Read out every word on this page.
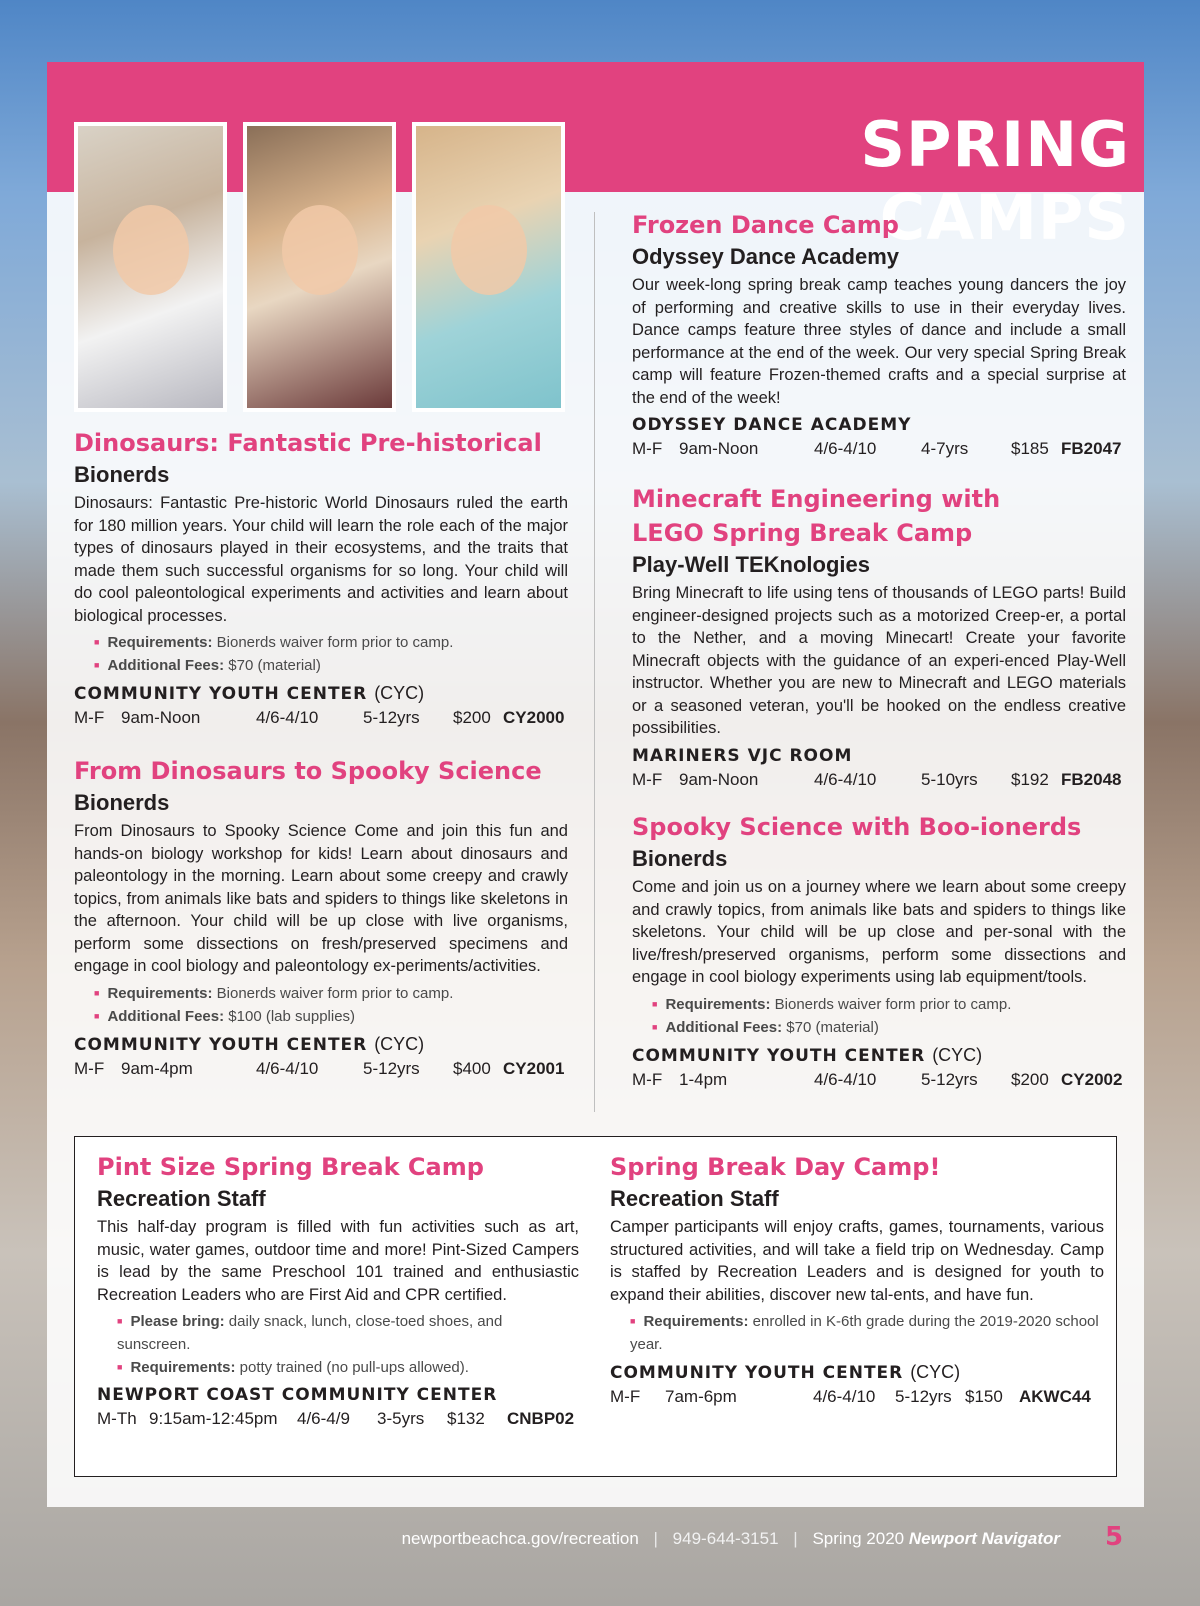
SPRING CAMPS
Dinosaurs: Fantastic Pre-historical
Bionerds
Dinosaurs: Fantastic Pre-historic World Dinosaurs ruled the earth for 180 million years. Your child will learn the role each of the major types of dinosaurs played in their ecosystems, and the traits that made them such successful organisms for so long. Your child will do cool paleontological experiments and activities and learn about biological processes.
■ Requirements: Bionerds waiver form prior to camp.
■ Additional Fees: $70 (material)
COMMUNITY YOUTH CENTER (CYC)
M-F 9am-Noon	4/6-4/10	5-12yrs	$200 CY2000
From Dinosaurs to Spooky Science
Bionerds
From Dinosaurs to Spooky Science Come and join this fun and hands-on biology workshop for kids! Learn about dinosaurs and paleontology in the morning. Learn about some creepy and crawly topics, from animals like bats and spiders to things like skeletons in the afternoon. Your child will be up close with live organisms, perform some dissections on fresh/preserved specimens and engage in cool biology and paleontology ex-periments/activities.
■ Requirements: Bionerds waiver form prior to camp.
■ Additional Fees: $100 (lab supplies)
COMMUNITY YOUTH CENTER (CYC)
M-F 9am-4pm	4/6-4/10	5-12yrs	$400 CY2001
Frozen Dance Camp
Odyssey Dance Academy
Our week-long spring break camp teaches young dancers the joy of performing and creative skills to use in their everyday lives. Dance camps feature three styles of dance and include a small performance at the end of the week. Our very special Spring Break camp will feature Frozen-themed crafts and a special surprise at the end of the week!
ODYSSEY DANCE ACADEMY
M-F 9am-Noon	4/6-4/10	4-7yrs	$185 FB2047
Minecraft Engineering with
LEGO Spring Break Camp
Play-Well TEKnologies
Bring Minecraft to life using tens of thousands of LEGO parts! Build engineer-designed projects such as a motorized Creep-er, a portal to the Nether, and a moving Minecart! Create your favorite Minecraft objects with the guidance of an experi-enced Play-Well instructor. Whether you are new to Minecraft and LEGO materials or a seasoned veteran, you'll be hooked on the endless creative possibilities.
MARINERS VJC ROOM
M-F 9am-Noon	4/6-4/10	5-10yrs	$192 FB2048
Spooky Science with Boo-ionerds
Bionerds
Come and join us on a journey where we learn about some creepy and crawly topics, from animals like bats and spiders to things like skeletons. Your child will be up close and per-sonal with the live/fresh/preserved organisms, perform some dissections and engage in cool biology experiments using lab equipment/tools.
■ Requirements: Bionerds waiver form prior to camp.
■ Additional Fees: $70 (material)
COMMUNITY YOUTH CENTER (CYC)
M-F 1-4pm	4/6-4/10	5-12yrs	$200 CY2002
Pint Size Spring Break Camp
Recreation Staff
This half-day program is filled with fun activities such as art, music, water games, outdoor time and more! Pint-Sized Campers is lead by the same Preschool 101 trained and enthusiastic Recreation Leaders who are First Aid and CPR certified.
■ Please bring: daily snack, lunch, close-toed shoes, and sunscreen.
■ Requirements: potty trained (no pull-ups allowed).
NEWPORT COAST COMMUNITY CENTER
M-Th 9:15am-12:45pm	4/6-4/9	3-5yrs	$132	CNBP02
Spring Break Day Camp!
Recreation Staff
Camper participants will enjoy crafts, games, tournaments, various structured activities, and will take a field trip on Wednesday. Camp is staffed by Recreation Leaders and is designed for youth to expand their abilities, discover new tal-ents, and have fun.
■ Requirements: enrolled in K-6th grade during the 2019-2020 school year.
COMMUNITY YOUTH CENTER (CYC)
M-F	7am-6pm	4/6-4/10	5-12yrs $150 AKWC44
newportbeachca.gov/recreation | 949-644-3151 | Spring 2020 Newport Navigator 5
